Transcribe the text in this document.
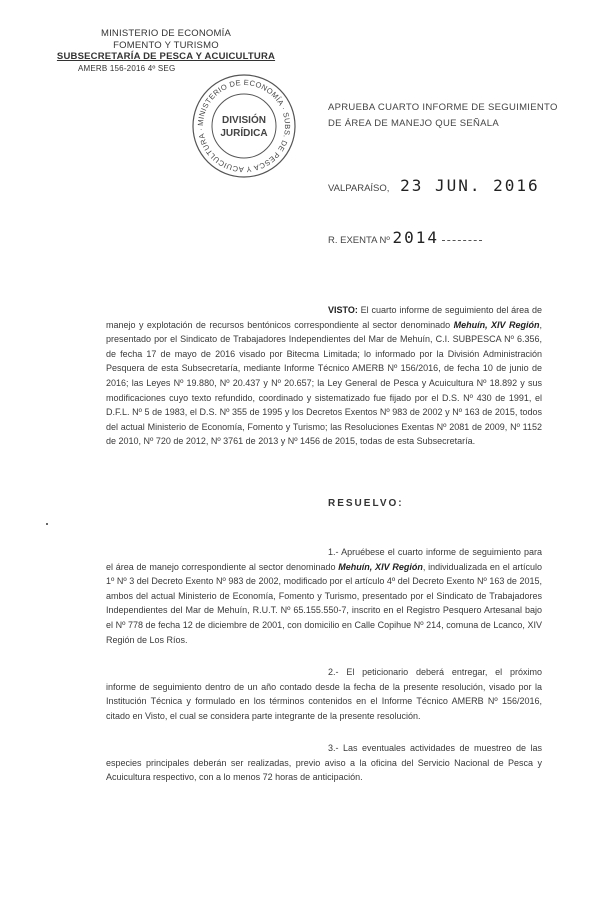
MINISTERIO DE ECONOMÍA
FOMENTO Y TURISMO
SUBSECRETARÍA DE PESCA Y ACUICULTURA
AMERB 156-2016 4º SEG
MINISTERIO DE ECONOMÍA · SUBS. DE PESCA Y ACUICULTURA ·
DIVISIÓN
JURÍDICA
APRUEBA CUARTO INFORME DE SEGUIMIENTO DE ÁREA DE MANEJO QUE SEÑALA
VALPARAÍSO, 23 JUN. 2016
R. EXENTA Nº 2014
VISTO: El cuarto informe de seguimiento del área de manejo y explotación de recursos bentónicos correspondiente al sector denominado Mehuín, XIV Región, presentado por el Sindicato de Trabajadores Independientes del Mar de Mehuín, C.I. SUBPESCA Nº 6.356, de fecha 17 de mayo de 2016 visado por Bitecma Limitada; lo informado por la División Administración Pesquera de esta Subsecretaría, mediante Informe Técnico AMERB Nº 156/2016, de fecha 10 de junio de 2016; las Leyes Nº 19.880, Nº 20.437 y Nº 20.657; la Ley General de Pesca y Acuicultura Nº 18.892 y sus modificaciones cuyo texto refundido, coordinado y sistematizado fue fijado por el D.S. Nº 430 de 1991, el D.F.L. Nº 5 de 1983, el D.S. Nº 355 de 1995 y los Decretos Exentos Nº 983 de 2002 y Nº 163 de 2015, todos del actual Ministerio de Economía, Fomento y Turismo; las Resoluciones Exentas Nº 2081 de 2009, Nº 1152 de 2010, Nº 720 de 2012, Nº 3761 de 2013 y Nº 1456 de 2015, todas de esta Subsecretaría.
RESUELVO:
1.- Apruébese el cuarto informe de seguimiento para el área de manejo correspondiente al sector denominado Mehuín, XIV Región, individualizada en el artículo 1º Nº 3 del Decreto Exento Nº 983 de 2002, modificado por el artículo 4º del Decreto Exento Nº 163 de 2015, ambos del actual Ministerio de Economía, Fomento y Turismo, presentado por el Sindicato de Trabajadores Independientes del Mar de Mehuín, R.U.T. Nº 65.155.550-7, inscrito en el Registro Pesquero Artesanal bajo el Nº 778 de fecha 12 de diciembre de 2001, con domicilio en Calle Copihue Nº 214, comuna de Lcanco, XIV Región de Los Ríos.
2.- El peticionario deberá entregar, el próximo informe de seguimiento dentro de un año contado desde la fecha de la presente resolución, visado por la Institución Técnica y formulado en los términos contenidos en el Informe Técnico AMERB Nº 156/2016, citado en Visto, el cual se considera parte integrante de la presente resolución.
3.- Las eventuales actividades de muestreo de las especies principales deberán ser realizadas, previo aviso a la oficina del Servicio Nacional de Pesca y Acuicultura respectivo, con a lo menos 72 horas de anticipación.
